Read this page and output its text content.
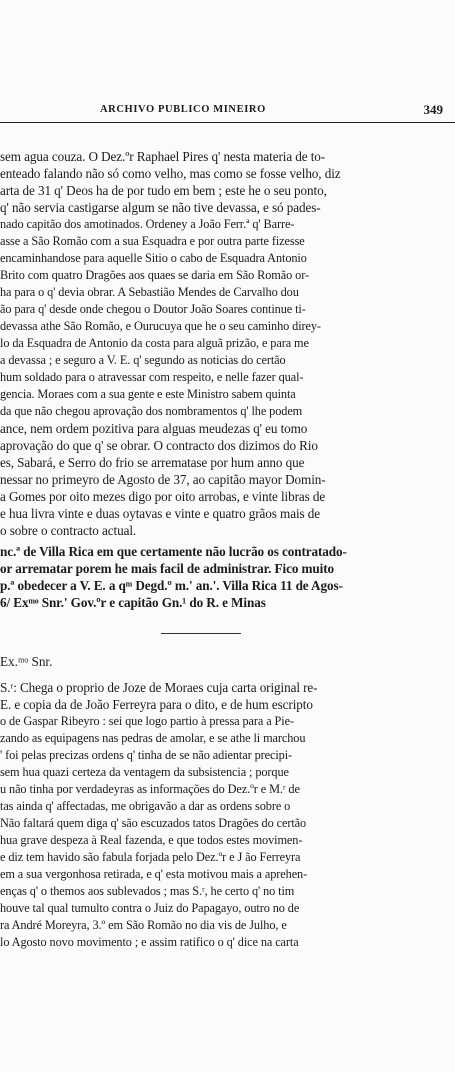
ARCHIVO PUBLICO MINEIRO	349
sem agua couza. O Dez.ºr Raphael Pires q' nesta materia de to-
enteado falando não só como velho, mas como se fosse velho, diz
arta de 31 q' Deos ha de por tudo em bem ; este he o seu ponto,
q' não servia castigarse algum se não tive devassa, e só pades-
nado capitão dos amotinados. Ordeney a João Ferr.ª q' Barre-
asse a São Romão com a sua Esquadra e por outra parte fizesse
encaminhandose para aquelle Sitio o cabo de Esquadra Antonio
Brito com quatro Dragões aos quaes se daria em São Romão or-
ha para o q' devia obrar. A Sebastião Mendes de Carvalho dou
ão para q' desde onde chegou o Doutor João Soares continue ti-
devassa athe São Romão, e Ourucuya que he o seu caminho direy-
lo da Esquadra de Antonio da costa para alguã prizão, e para me
a devassa ; e seguro a V. E. q' segundo as noticias do certão
hum soldado para o atravessar com respeito, e nelle fazer qual-
gencia. Moraes com a sua gente e este Ministro sabem quinta
da que não chegou aprovação dos nombramentos q' lhe podem
ance, nem ordem pozitiva para alguas meudezas q' eu tomo
aprovação do que q' se obrar. O contracto dos dizimos do Rio
es, Sabará, e Serro do frio se arrematase por hum anno que
nessar no primeyro de Agosto de 37, ao capitão mayor Domin-
a Gomes por oito mezes digo por oito arrobas, e vinte libras de
e hua livra vinte e duas oytavas e vinte e quatro grãos mais de
o sobre o contracto actual.
nc.ª de Villa Rica em que certamente não lucrão os contratado-
or arrematar porem he mais facil de administrar. Fico muito
p.ª obedecer a V. E. a qᵐ Degd.º m.' an.'. Villa Rica 11 de Agos-
6/ Exᵐᵒ Snr.' Gov.ºr e capitão Gn.¹ do R. e Minas
Ex.ᵐᵒ Snr.
S.ʳ: Chega o proprio de Joze de Moraes cuja carta original re-
E. e copia da de João Ferreyra para o dito, e de hum escripto
o de Gaspar Ribeyro : sei que logo partio à pressa para a Pie-
zando as equipagens nas pedras de amolar, e se athe li marchou
' foi pelas precizas ordens q' tinha de se não adientar precipi-
sem hua quazi certeza da ventagem da subsistencia ; porque
u não tinha por verdadeyras as informações do Dez.ºr e M.ʳ de
tas ainda q' affectadas, me obrigavão a dar as ordens sobre o
Não faltará quem diga q' são escuzados tatos Dragões do certão
hua grave despeza à Real fazenda, e que todos estes movimen-
e diz tem havido são fabula forjada pelo Dez.ºr e J ão Ferreyra
em a sua vergonhosa retirada, e q' esta motivou mais a aprehen-
enças q' o themos aos sublevados ; mas S.ʳ, he certo q' no tim
houve tal qual tumulto contra o Juiz do Papagayo, outro no de
ra André Moreyra, 3.º em São Romão no dia vis de Julho, e
lo Agosto novo movimento ; e assim ratifico o q' dice na carta
